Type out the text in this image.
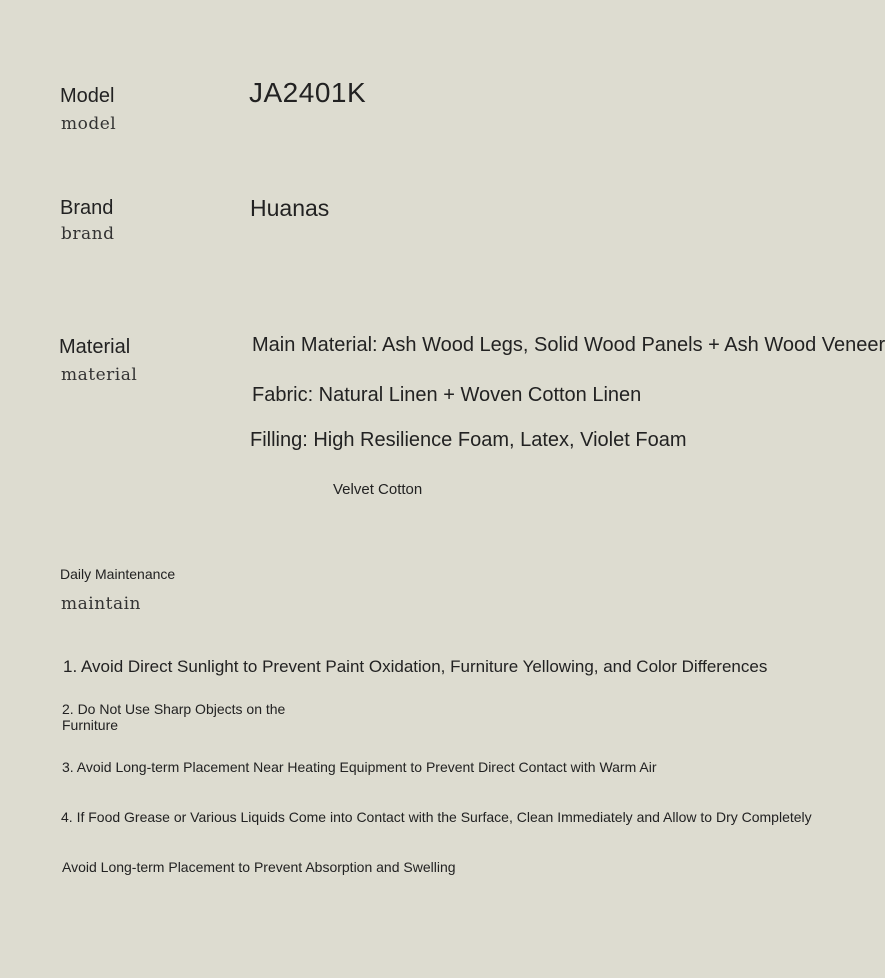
Model
model
JA2401K
Brand
brand
Huanas
Material
material
Main Material: Ash Wood Legs, Solid Wood Panels + Ash Wood Veneer
Fabric: Natural Linen + Woven Cotton Linen
Filling: High Resilience Foam, Latex, Violet Foam
Velvet Cotton
Daily Maintenance
maintain
1. Avoid Direct Sunlight to Prevent Paint Oxidation, Furniture Yellowing, and Color Differences
2. Do Not Use Sharp Objects on the
Furniture
3. Avoid Long-term Placement Near Heating Equipment to Prevent Direct Contact with Warm Air
4. If Food Grease or Various Liquids Come into Contact with the Surface, Clean Immediately and Allow to Dry Completely
Avoid Long-term Placement to Prevent Absorption and Swelling
